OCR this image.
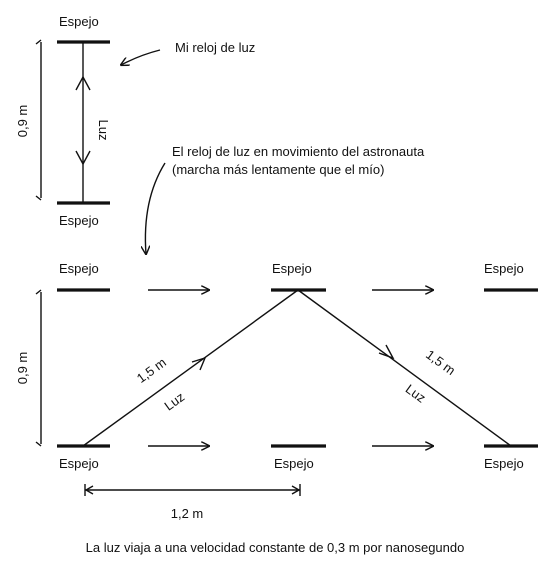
Espejo
Luz
Espejo
0,9 m
Mi reloj de luz
El reloj de luz en movimiento del astronauta
(marcha más lentamente que el mío)
Espejo	Espejo	Espejo
Espejo	Espejo	Espejo
0,9 m	1,5 m
Luz
1,5 m
Luz
1,2 m
La luz viaja a una velocidad constante de 0,3 m por nanosegundo
